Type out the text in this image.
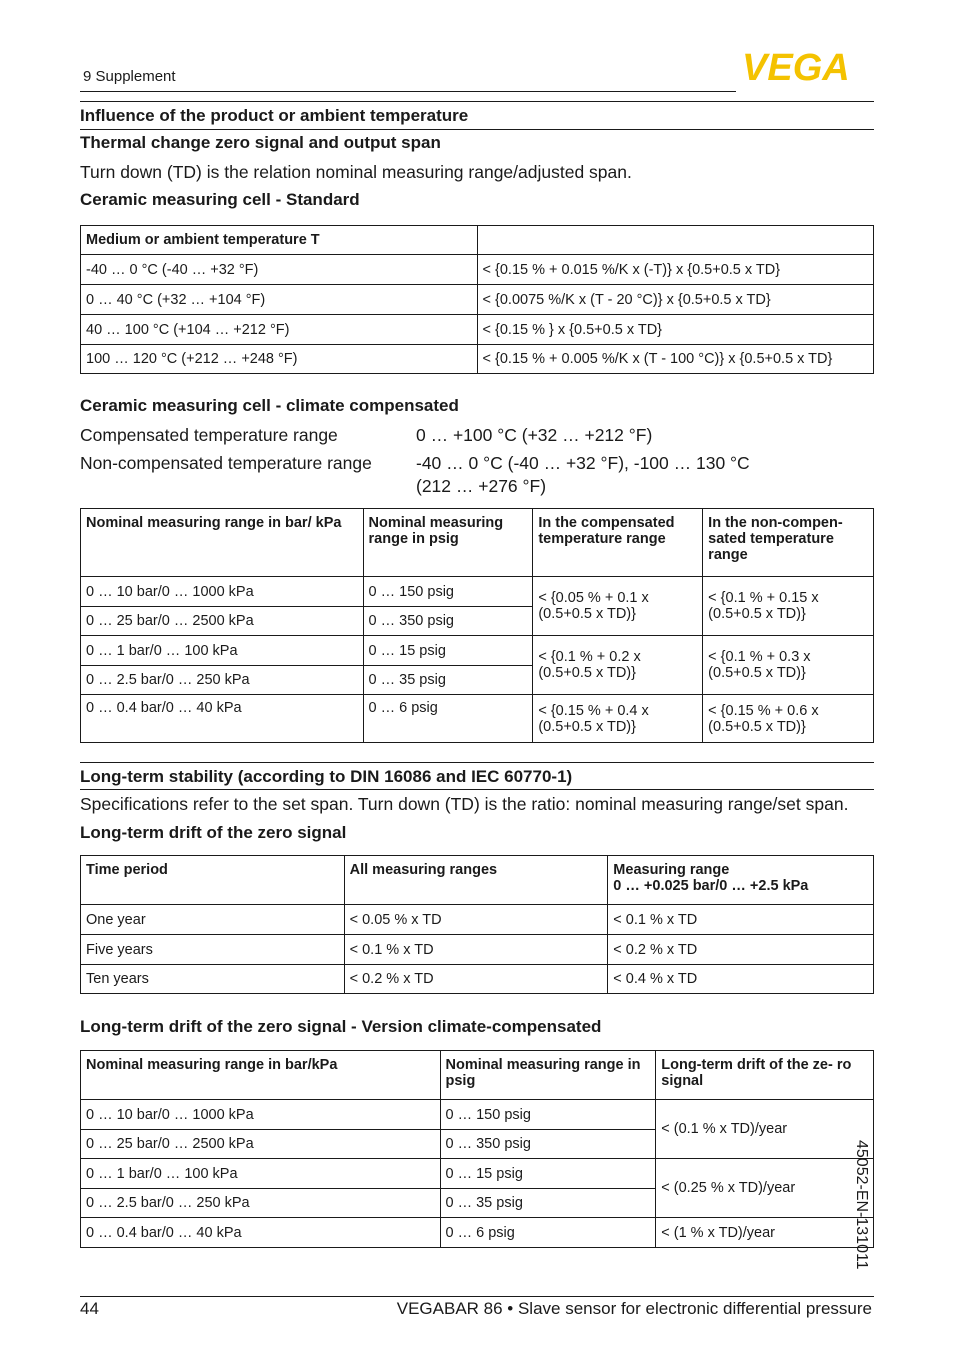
9 Supplement	VEGA
Influence of the product or ambient temperature
Thermal change zero signal and output span
Turn down (TD) is the relation nominal measuring range/adjusted span.
Ceramic measuring cell - Standard
Medium or ambient temperature T	
-40 … 0 °C (-40 … +32 °F)	< {0.15 % + 0.015 %/K x (-T)} x {0.5+0.5 x TD}
0 … 40 °C (+32 … +104 °F)	< {0.0075 %/K x (T - 20 °C)} x {0.5+0.5 x TD}
40 … 100 °C (+104 … +212 °F)	< {0.15 % } x {0.5+0.5 x TD}
100 … 120 °C (+212 … +248 °F)	< {0.15 % + 0.005 %/K x (T - 100 °C)} x {0.5+0.5 x TD}
Ceramic measuring cell - climate compensated
Compensated temperature range	0 … +100 °C (+32 … +212 °F)
Non-compensated temperature range	-40 … 0 °C (-40 … +32 °F), -100 … 130 °C
(212 … +276 °F)
Nominal measuring range in bar/ kPa	Nominal measuring range in psig	In the compensated temperature range	In the non-compen- sated temperature range
0 … 10 bar/0 … 1000 kPa	0 … 150 psig	< {0.05 % + 0.1 x (0.5+0.5 x TD)}	< {0.1 % + 0.15 x (0.5+0.5 x TD)}
0 … 25 bar/0 … 2500 kPa	0 … 350 psig		
0 … 1 bar/0 … 100 kPa	0 … 15 psig	< {0.1 % + 0.2 x (0.5+0.5 x TD)}	< {0.1 % + 0.3 x (0.5+0.5 x TD)}
0 … 2.5 bar/0 … 250 kPa	0 … 35 psig		
0 … 0.4 bar/0 … 40 kPa	0 … 6 psig	< {0.15 % + 0.4 x (0.5+0.5 x TD)}	< {0.15 % + 0.6 x (0.5+0.5 x TD)}
Long-term stability (according to DIN 16086 and IEC 60770-1)
Specifications refer to the set span. Turn down (TD) is the ratio: nominal measuring range/set span.
Long-term drift of the zero signal
Time period	All measuring ranges	Measuring range
0 … +0.025 bar/0 … +2.5 kPa
One year	< 0.05 % x TD	< 0.1 % x TD
Five years	< 0.1 % x TD	< 0.2 % x TD
Ten years	< 0.2 % x TD	< 0.4 % x TD
Long-term drift of the zero signal - Version climate-compensated
Nominal measuring range in bar/kPa	Nominal measuring range in psig	Long-term drift of the ze- ro signal
0 … 10 bar/0 … 1000 kPa	0 … 150 psig	< (0.1 % x TD)/year
0 … 25 bar/0 … 2500 kPa	0 … 350 psig	
0 … 1 bar/0 … 100 kPa	0 … 15 psig	< (0.25 % x TD)/year
0 … 2.5 bar/0 … 250 kPa	0 … 35 psig	
0 … 0.4 bar/0 … 40 kPa	0 … 6 psig	< (1 % x TD)/year	45052-EN-131011
44	VEGABAR 86 • Slave sensor for electronic differential pressure
